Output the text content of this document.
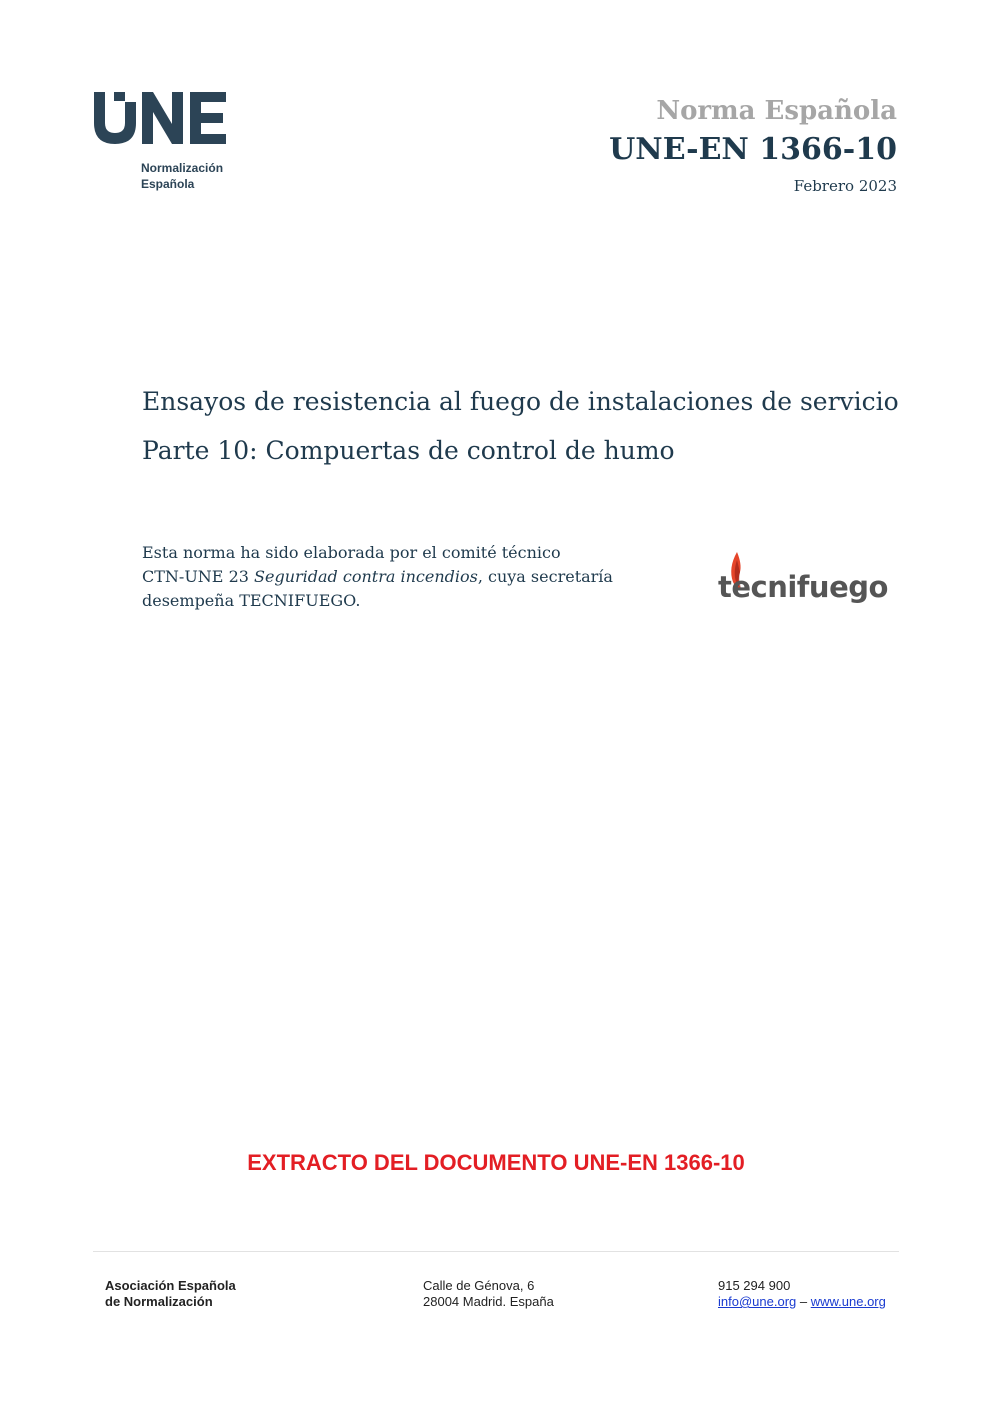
Normalización
Española
Norma Española
UNE-EN 1366-10
Febrero 2023
Ensayos de resistencia al fuego de instalaciones de servicio
Parte 10: Compuertas de control de humo
Esta norma ha sido elaborada por el comité técnico
CTN-UNE 23 Seguridad contra incendios, cuya secretaría
desempeña TECNIFUEGO.	tecnifuego
EXTRACTO DEL DOCUMENTO UNE-EN 1366-10
Asociación Española
de Normalización
Calle de Génova, 6
28004 Madrid. España
915 294 900
info@une.org – www.une.org
